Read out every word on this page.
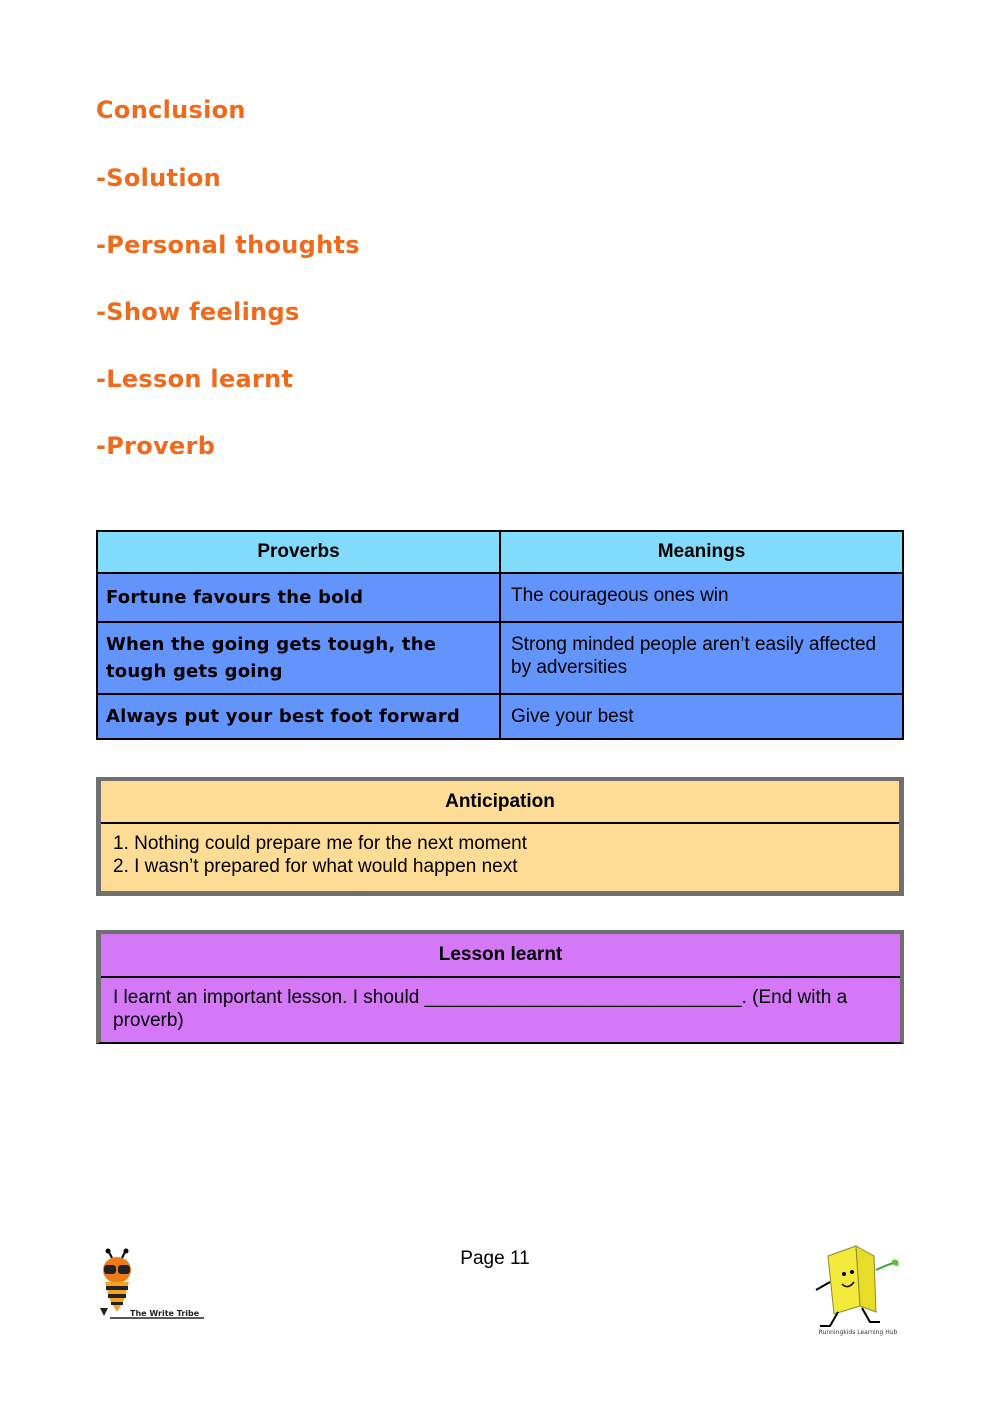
Conclusion
-Solution
-Personal thoughts
-Show feelings
-Lesson learnt
-Proverb
Proverbs	Meanings
Fortune favours the bold	The courageous ones win
When the going gets tough, the tough gets going	Strong minded people aren’t easily affected by adversities
Always put your best foot forward	Give your best
Anticipation
1. Nothing could prepare me for the next moment
2. I wasn’t prepared for what would happen next
Lesson learnt
I learnt an important lesson. I should ______________________________. (End with a proverb)
Page 11
The Write Tribe
Runningkids Learning Hub
